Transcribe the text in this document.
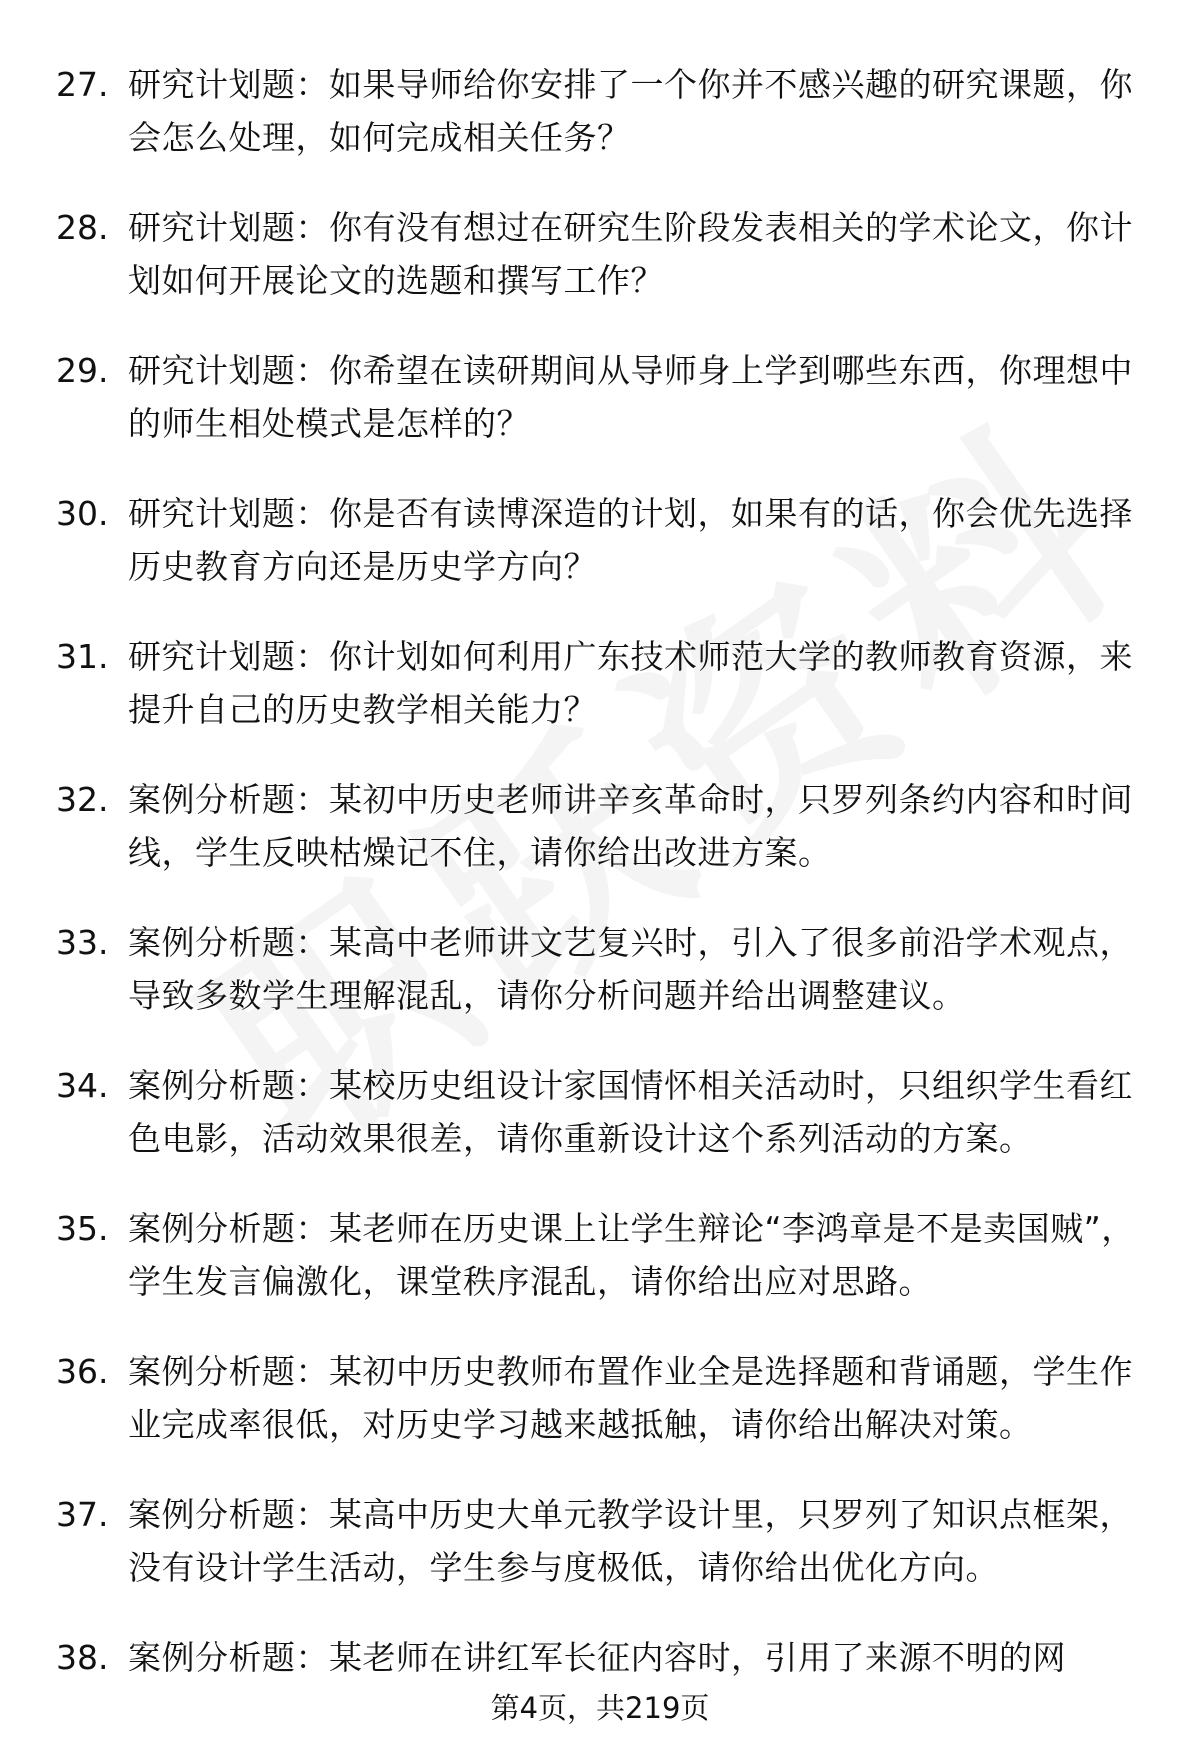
27. 研究计划题：如果导师给你安排了一个你并不感兴趣的研究课题，你会怎么处理，如何完成相关任务？
28. 研究计划题：你有没有想过在研究生阶段发表相关的学术论文，你计划如何开展论文的选题和撰写工作？
29. 研究计划题：你希望在读研期间从导师身上学到哪些东西，你理想中的师生相处模式是怎样的？
30. 研究计划题：你是否有读博深造的计划，如果有的话，你会优先选择历史教育方向还是历史学方向？
31. 研究计划题：你计划如何利用广东技术师范大学的教师教育资源，来提升自己的历史教学相关能力？
32. 案例分析题：某初中历史老师讲辛亥革命时，只罗列条约内容和时间线，学生反映枯燥记不住，请你给出改进方案。
33. 案例分析题：某高中老师讲文艺复兴时，引入了很多前沿学术观点，导致多数学生理解混乱，请你分析问题并给出调整建议。
34. 案例分析题：某校历史组设计家国情怀相关活动时，只组织学生看红色电影，活动效果很差，请你重新设计这个系列活动的方案。
35. 案例分析题：某老师在历史课上让学生辩论“李鸿章是不是卖国贼”，学生发言偏激化，课堂秩序混乱，请你给出应对思路。
36. 案例分析题：某初中历史教师布置作业全是选择题和背诵题，学生作业完成率很低，对历史学习越来越抵触，请你给出解决对策。
37. 案例分析题：某高中历史大单元教学设计里，只罗列了知识点框架，没有设计学生活动，学生参与度极低，请你给出优化方向。
38. 案例分析题：某老师在讲红军长征内容时，引用了来源不明的网
第4页，共219页
